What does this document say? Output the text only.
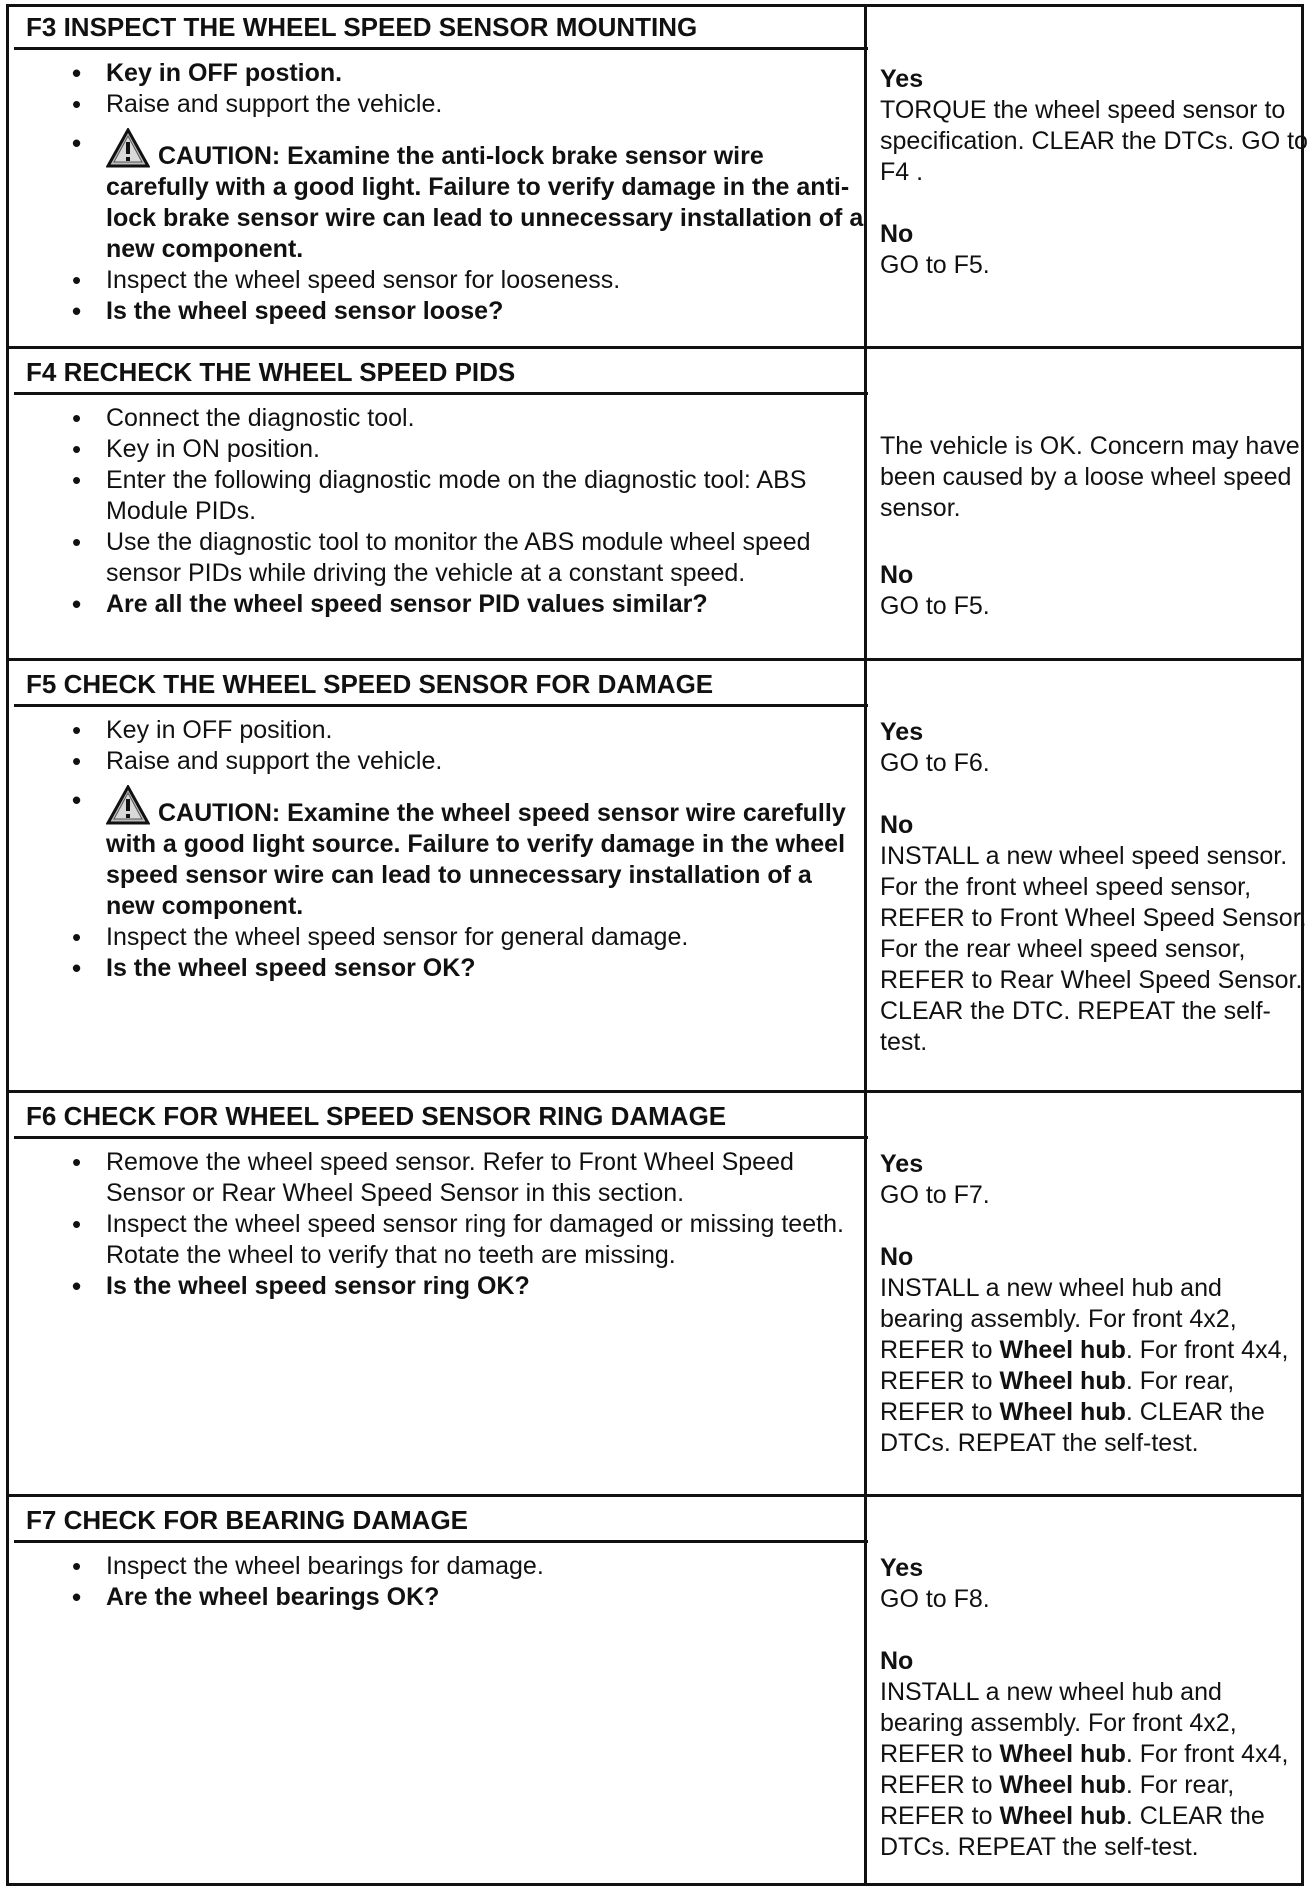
F3 INSPECT THE WHEEL SPEED SENSOR MOUNTING
• Key in OFF postion.
• Raise and support the vehicle.
• CAUTION: Examine the anti-lock brake sensor wire carefully with a good light. Failure to verify damage in the anti-lock brake sensor wire can lead to unnecessary installation of a new component.
• Inspect the wheel speed sensor for looseness.
• Is the wheel speed sensor loose?

Yes

TORQUE the wheel speed sensor to specification. CLEAR the DTCs. GO to F4 .

No

GO to F5.

F4 RECHECK THE WHEEL SPEED PIDS
• Connect the diagnostic tool.
• Key in ON position.
• Enter the following diagnostic mode on the diagnostic tool: ABS Module PIDs.
• Use the diagnostic tool to monitor the ABS module wheel speed sensor PIDs while driving the vehicle at a constant speed.
• Are all the wheel speed sensor PID values similar?

The vehicle is OK. Concern may have been caused by a loose wheel speed sensor.

No

GO to F5.

F5 CHECK THE WHEEL SPEED SENSOR FOR DAMAGE
• Key in OFF position.
• Raise and support the vehicle.
• CAUTION: Examine the wheel speed sensor wire carefully with a good light source. Failure to verify damage in the wheel speed sensor wire can lead to unnecessary installation of a new component.
• Inspect the wheel speed sensor for general damage.
• Is the wheel speed sensor OK?

Yes

GO to F6.

No

INSTALL a new wheel speed sensor. For the front wheel speed sensor, REFER to Front Wheel Speed Sensor. For the rear wheel speed sensor, REFER to Rear Wheel Speed Sensor. CLEAR the DTC. REPEAT the self-test.

F6 CHECK FOR WHEEL SPEED SENSOR RING DAMAGE
• Remove the wheel speed sensor. Refer to Front Wheel Speed Sensor or Rear Wheel Speed Sensor in this section.
• Inspect the wheel speed sensor ring for damaged or missing teeth. Rotate the wheel to verify that no teeth are missing.
• Is the wheel speed sensor ring OK?

Yes

GO to F7.

No

INSTALL a new wheel hub and bearing assembly. For front 4x2, REFER to Wheel hub. For front 4x4, REFER to Wheel hub. For rear, REFER to Wheel hub. CLEAR the DTCs. REPEAT the self-test.

F7 CHECK FOR BEARING DAMAGE
• Inspect the wheel bearings for damage.
• Are the wheel bearings OK?

Yes

GO to F8.

No

INSTALL a new wheel hub and bearing assembly. For front 4x2, REFER to Wheel hub. For front 4x4, REFER to Wheel hub. For rear, REFER to Wheel hub. CLEAR the DTCs. REPEAT the self-test.
